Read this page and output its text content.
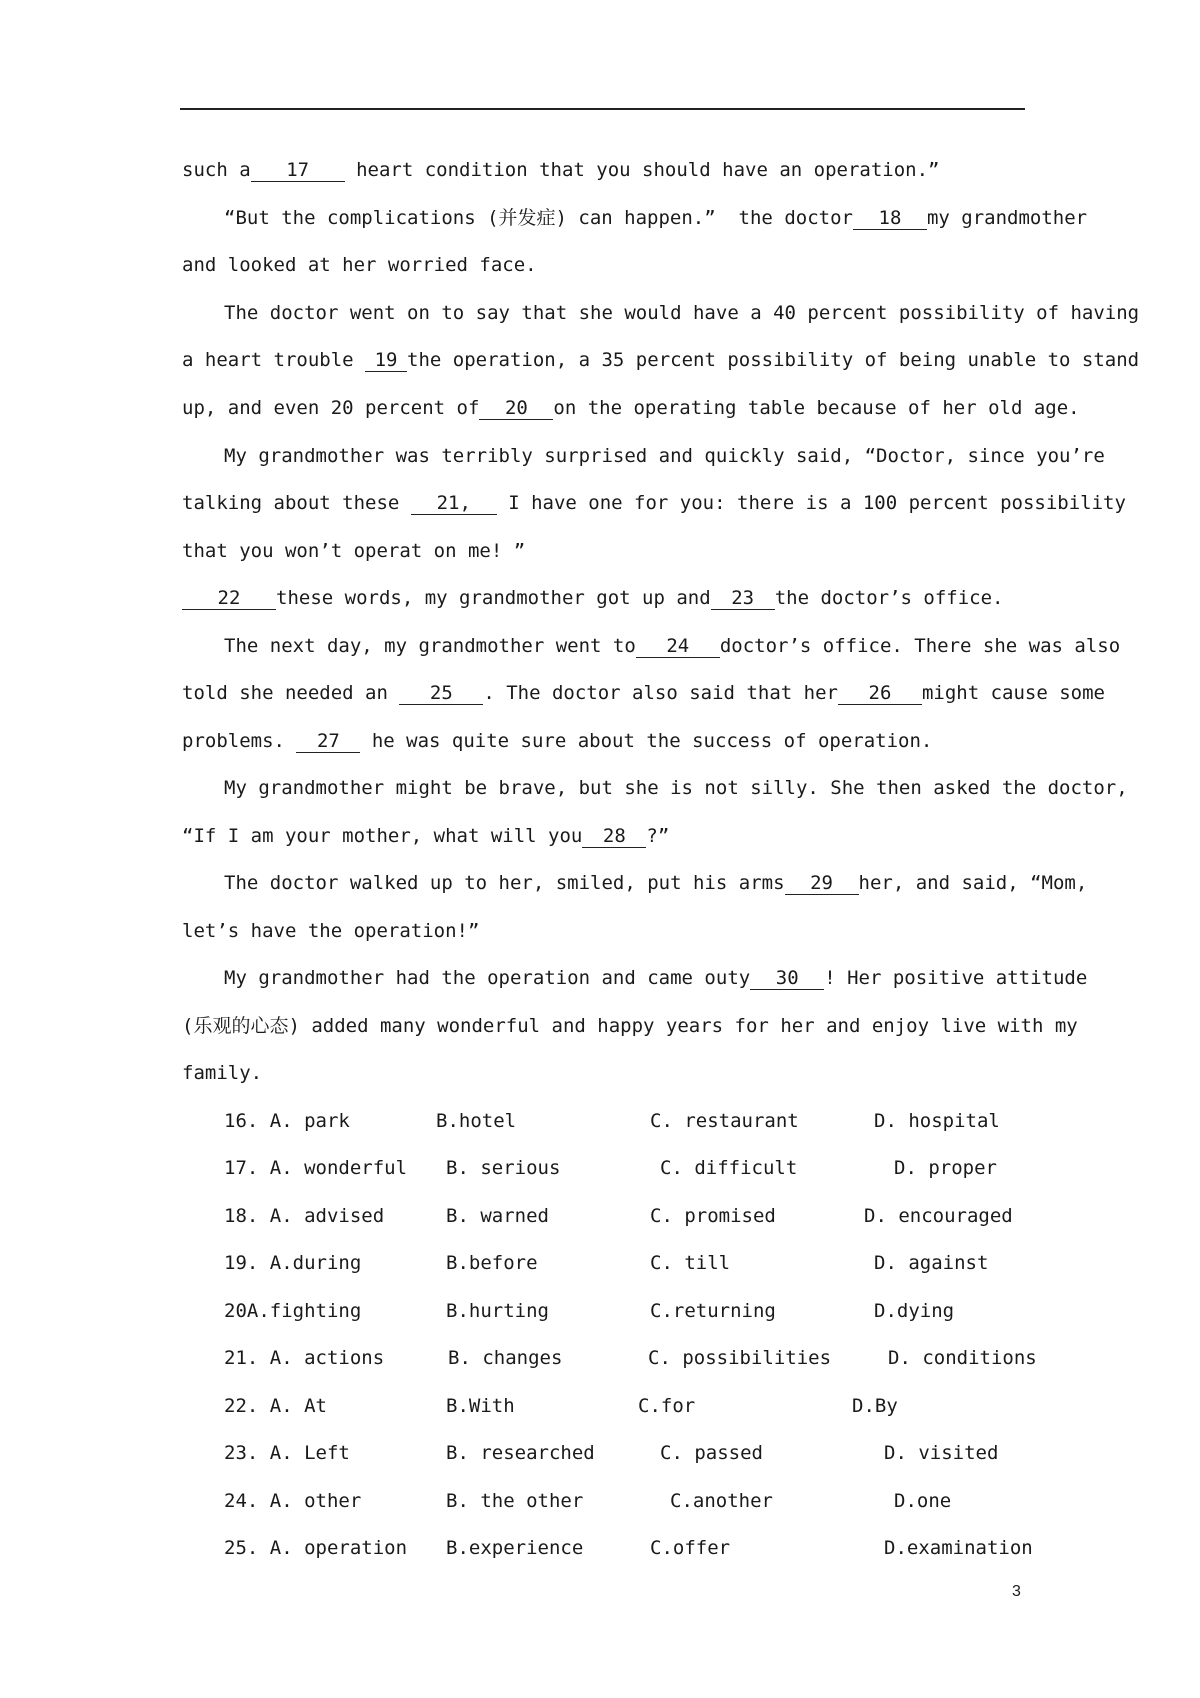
such a 17 heart condition that you should have an operation.”
“But the complications (并发症) can happen.”  the doctor 18 my grandmother
and looked at her worried face.
The doctor went on to say that she would have a 40 percent possibility of having
a heart trouble 19 the operation, a 35 percent possibility of being unable to stand
up, and even 20 percent of 20 on the operating table because of her old age.
My grandmother was terribly surprised and quickly said, “Doctor, since you’re
talking about these 21, I have one for you: there is a 100 percent possibility
that you won’t operat on me! ”
22 these words, my grandmother got up and 23 the doctor’s office.
The next day, my grandmother went to 24 doctor’s office. There she was also
told she needed an 25 . The doctor also said that her 26 might cause some
problems. 27 he was quite sure about the success of operation.
My grandmother might be brave, but she is not silly. She then asked the doctor,
“If I am your mother, what will you 28 ?”
The doctor walked up to her, smiled, put his arms 29 her, and said, “Mom,
let’s have the operation!”
My grandmother had the operation and came outy 30 ! Her positive attitude
(乐观的心态) added many wonderful and happy years for her and enjoy live with my
family.

16. A. park

	B.hotel

	C. restaurant

	D. hospital

17. A. wonderful

B. serious

	C. difficult

	D. proper

18. A. advised

	B. warned

	C. promised

	D. encouraged

19. A.during

	B.before

	C. till

	D. against

20A.fighting

	B.hurting

	C.returning

	D.dying

21. A. actions

	B. changes

	C. possibilities

	D. conditions

22. A. At

	B.With

	C.for

	D.By

23. A. Left

	B. researched

	C. passed

	D. visited

24. A. other

	B. the other

	C.another

	D.one

25. A. operation

B.experience

	C.offer

	D.examination

3
